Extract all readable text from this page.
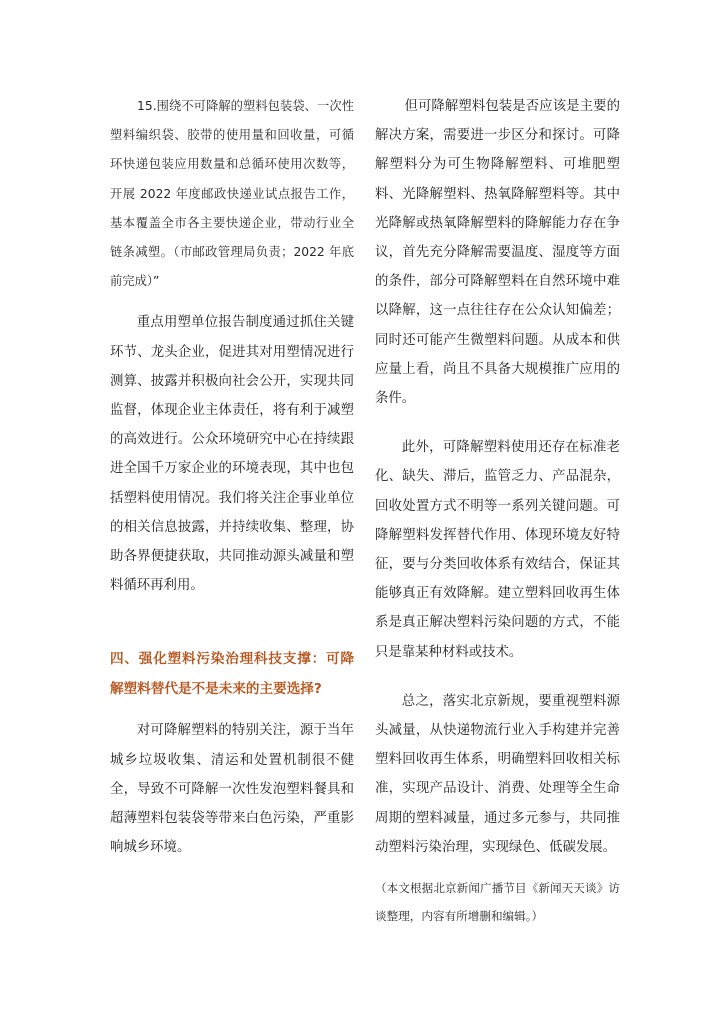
15.围绕不可降解的塑料包装袋、一次性塑料编织袋、胶带的使用量和回收量，可循环快递包装应用数量和总循环使用次数等，开展 2022 年度邮政快递业试点报告工作，基本覆盖全市各主要快递企业，带动行业全链条减塑。（市邮政管理局负责；2022 年底前完成）”

重点用塑单位报告制度通过抓住关键环节、龙头企业，促进其对用塑情况进行测算、披露并积极向社会公开，实现共同监督，体现企业主体责任，将有利于减塑的高效进行。公众环境研究中心在持续跟进全国千万家企业的环境表现，其中也包括塑料使用情况。我们将关注企事业单位的相关信息披露，并持续收集、整理，协助各界便捷获取，共同推动源头减量和塑料循环再利用。

四、强化塑料污染治理科技支撑：可降解塑料替代是不是未来的主要选择?

对可降解塑料的特别关注，源于当年城乡垃圾收集、清运和处置机制很不健全，导致不可降解一次性发泡塑料餐具和超薄塑料包装袋等带来白色污染，严重影响城乡环境。

但可降解塑料包装是否应该是主要的解决方案，需要进一步区分和探讨。可降解塑料分为可生物降解塑料、可堆肥塑料、光降解塑料、热氧降解塑料等。其中光降解或热氧降解塑料的降解能力存在争议，首先充分降解需要温度、湿度等方面的条件，部分可降解塑料在自然环境中难以降解，这一点往往存在公众认知偏差；同时还可能产生微塑料问题。从成本和供应量上看，尚且不具备大规模推广应用的条件。

此外，可降解塑料使用还存在标准老化、缺失、滞后，监管乏力、产品混杂，回收处置方式不明等一系列关键问题。可降解塑料发挥替代作用、体现环境友好特征，要与分类回收体系有效结合，保证其能够真正有效降解。建立塑料回收再生体系是真正解决塑料污染问题的方式，不能只是靠某种材料或技术。

总之，落实北京新规，要重视塑料源头减量，从快递物流行业入手构建并完善塑料回收再生体系，明确塑料回收相关标准，实现产品设计、消费、处理等全生命周期的塑料减量，通过多元参与，共同推动塑料污染治理，实现绿色、低碳发展。

（本文根据北京新闻广播节目《新闻天天谈》访谈整理，内容有所增删和编辑。）
